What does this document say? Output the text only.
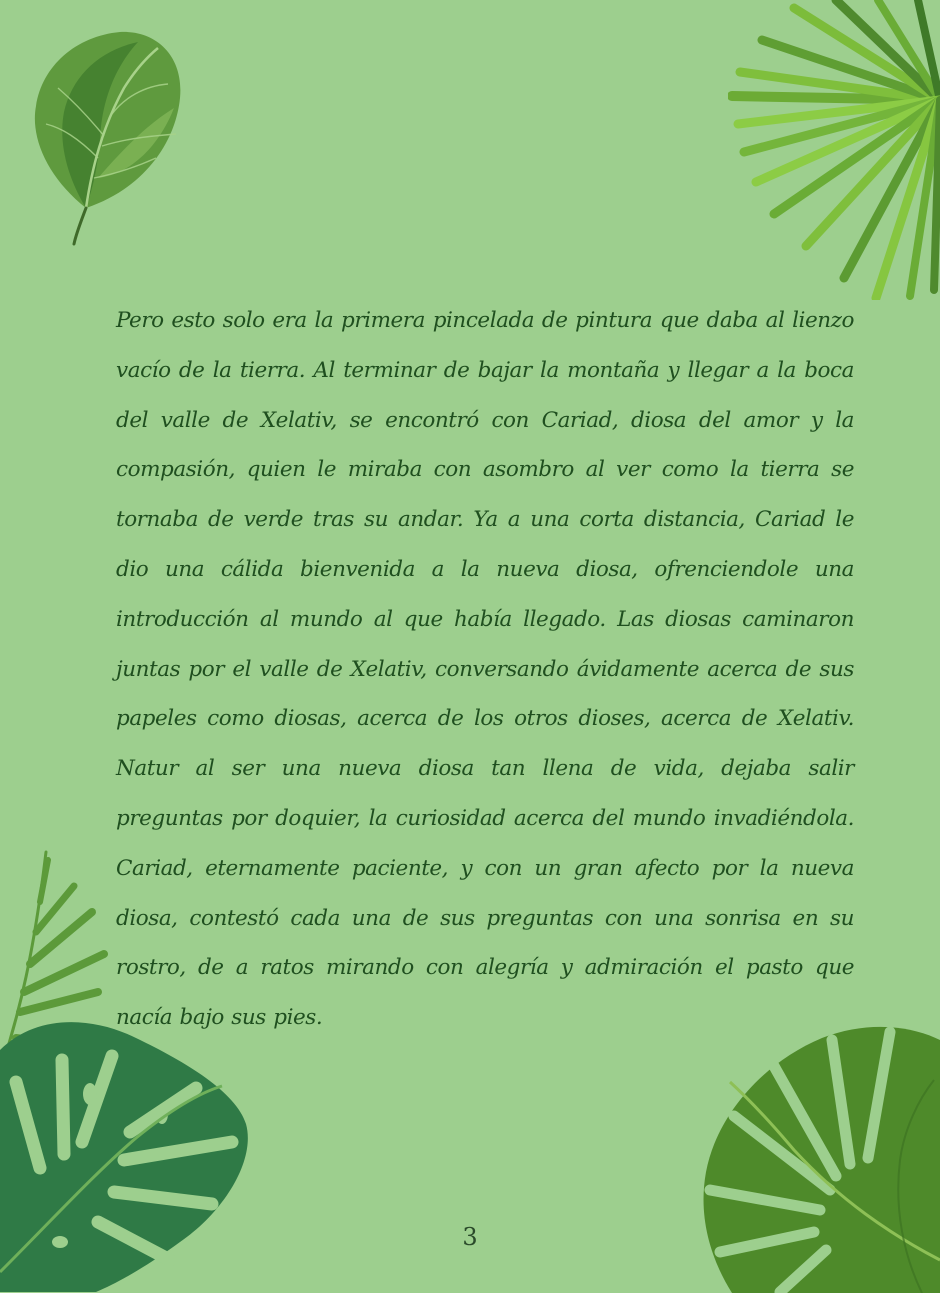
Pero esto solo era la primera pincelada de pintura que daba al lienzo vacío de la tierra. Al terminar de bajar la montaña y llegar a la boca del valle de Xelativ, se encontró con Cariad, diosa del amor y la compasión, quien le miraba con asombro al ver como la tierra se tornaba de verde tras su andar. Ya a una corta distancia, Cariad le dio una cálida bienvenida a la nueva diosa, ofrenciendole una introducción al mundo al que había llegado. Las diosas caminaron juntas por el valle de Xelativ, conversando ávidamente acerca de sus papeles como diosas, acerca de los otros dioses, acerca de Xelativ. Natur al ser una nueva diosa tan llena de vida, dejaba salir preguntas por doquier, la curiosidad acerca del mundo invadiéndola. Cariad, eternamente paciente, y con un gran afecto por la nueva diosa, contestó cada una de sus preguntas con una sonrisa en su rostro, de a ratos mirando con alegría y admiración el pasto que nacía bajo sus pies.

3
